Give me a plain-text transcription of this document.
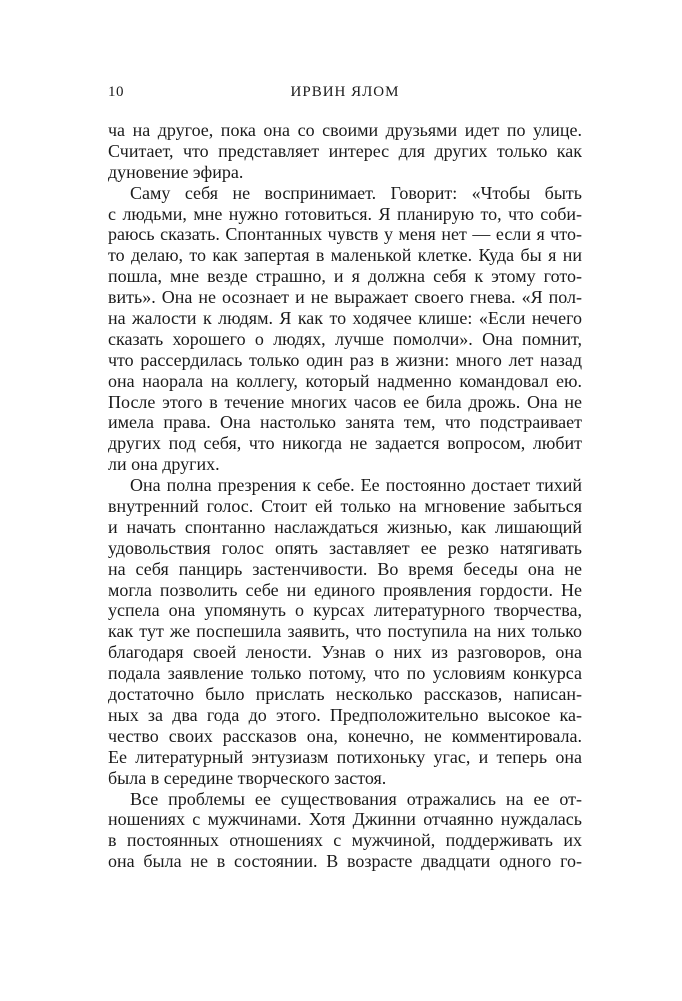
10	ИРВИН ЯЛОМ
ча на другое, пока она со своими друзьями идет по улице.
Считает, что представляет интерес для других только как
дуновение эфира.
Саму себя не воспринимает. Говорит: «Чтобы быть
с людьми, мне нужно готовиться. Я планирую то, что соби-
раюсь сказать. Спонтанных чувств у меня нет — если я что-
то делаю, то как запертая в маленькой клетке. Куда бы я ни
пошла, мне везде страшно, и я должна себя к этому гото-
вить». Она не осознает и не выражает своего гнева. «Я пол-
на жалости к людям. Я как то ходячее клише: «Если нечего
сказать хорошего о людях, лучше помолчи». Она помнит,
что рассердилась только один раз в жизни: много лет назад
она наорала на коллегу, который надменно командовал ею.
После этого в течение многих часов ее била дрожь. Она не
имела права. Она настолько занята тем, что подстраивает
других под себя, что никогда не задается вопросом, любит
ли она других.
Она полна презрения к себе. Ее постоянно достает тихий
внутренний голос. Стоит ей только на мгновение забыться
и начать спонтанно наслаждаться жизнью, как лишающий
удовольствия голос опять заставляет ее резко натягивать
на себя панцирь застенчивости. Во время беседы она не
могла позволить себе ни единого проявления гордости. Не
успела она упомянуть о курсах литературного творчества,
как тут же поспешила заявить, что поступила на них только
благодаря своей лености. Узнав о них из разговоров, она
подала заявление только потому, что по условиям конкурса
достаточно было прислать несколько рассказов, написан-
ных за два года до этого. Предположительно высокое ка-
чество своих рассказов она, конечно, не комментировала.
Ее литературный энтузиазм потихоньку угас, и теперь она
была в середине творческого застоя.
Все проблемы ее существования отражались на ее от-
ношениях с мужчинами. Хотя Джинни отчаянно нуждалась
в постоянных отношениях с мужчиной, поддерживать их
она была не в состоянии. В возрасте двадцати одного го-
